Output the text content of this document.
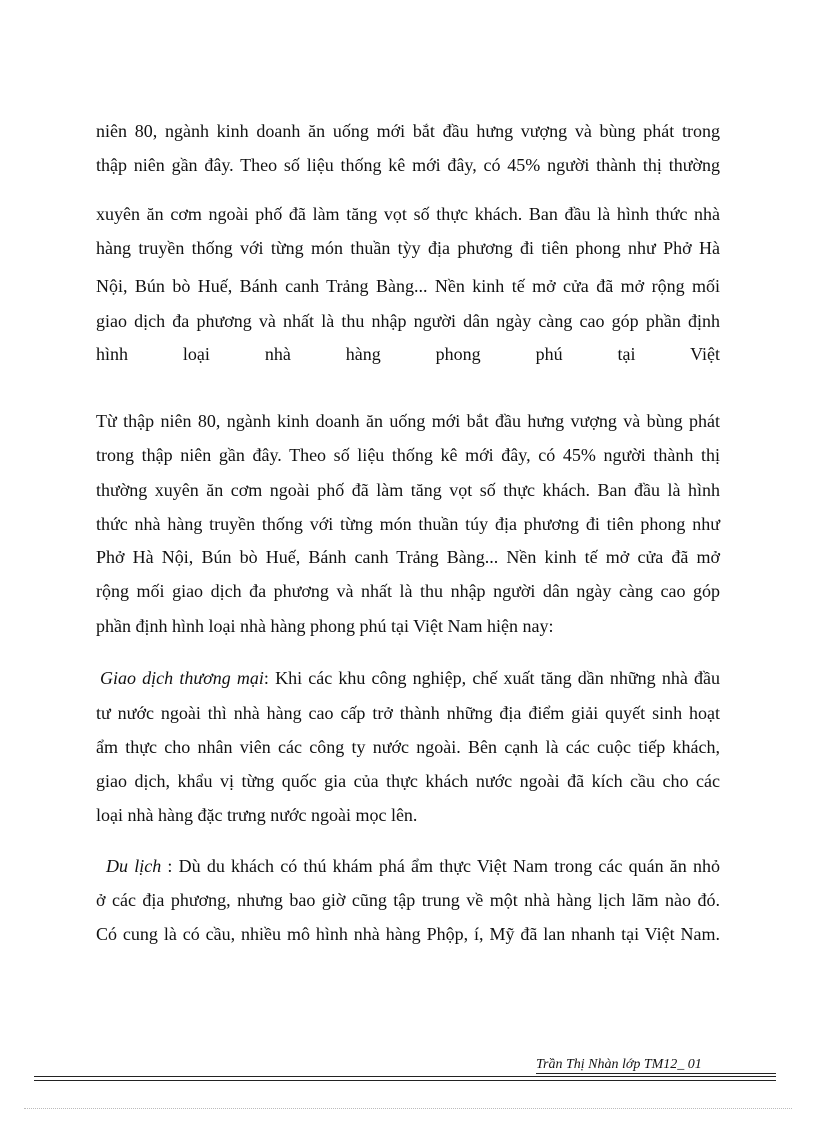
niên 80, ngành kinh doanh ăn uống mới bắt đầu hưng vượng và bùng phát trong
thập niên gần đây. Theo số liệu thống kê mới đây, có 45% người thành thị thường
xuyên ăn cơm ngoài phố đã làm tăng vọt số thực khách. Ban đầu là hình thức nhà
hàng truyền thống với từng món thuần tỳy địa phương đi tiên phong như Phở Hà
Nội, Bún bò Huế, Bánh canh Trảng Bàng... Nền kinh tế mở cửa đã mở rộng mối
giao dịch đa phương và nhất là thu nhập người dân ngày càng cao góp phần định
hình loại nhà hàng phong phú tại Việt
Từ thập niên 80, ngành kinh doanh ăn uống mới bắt đầu hưng vượng và bùng phát
trong thập niên gần đây. Theo số liệu thống kê mới đây, có 45% người thành thị
thường xuyên ăn cơm ngoài phố đã làm tăng vọt số thực khách. Ban đầu là hình
thức nhà hàng truyền thống với từng món thuần túy địa phương đi tiên phong như
Phở Hà Nội, Bún bò Huế, Bánh canh Trảng Bàng... Nền kinh tế mở cửa đã mở
rộng mối giao dịch đa phương và nhất là thu nhập người dân ngày càng cao góp
phần định hình loại nhà hàng phong phú tại Việt Nam hiện nay:
Giao dịch thương mại: Khi các khu công nghiệp, chế xuất tăng dần những nhà đầu
tư nước ngoài thì nhà hàng cao cấp trở thành những địa điểm giải quyết sinh hoạt
ẩm thực cho nhân viên các công ty nước ngoài. Bên cạnh là các cuộc tiếp khách,
giao dịch, khẩu vị từng quốc gia của thực khách nước ngoài đã kích cầu cho các
loại nhà hàng đặc trưng nước ngoài mọc lên.
Du lịch : Dù du khách có thú khám phá ẩm thực Việt Nam trong các quán ăn nhỏ
ở các địa phương, nhưng bao giờ cũng tập trung về một nhà hàng lịch lãm nào đó.
Có cung là có cầu, nhiều mô hình nhà hàng Phộp, í, Mỹ đã lan nhanh tại Việt Nam.
Trần Thị Nhàn lớp TM12_ 01
